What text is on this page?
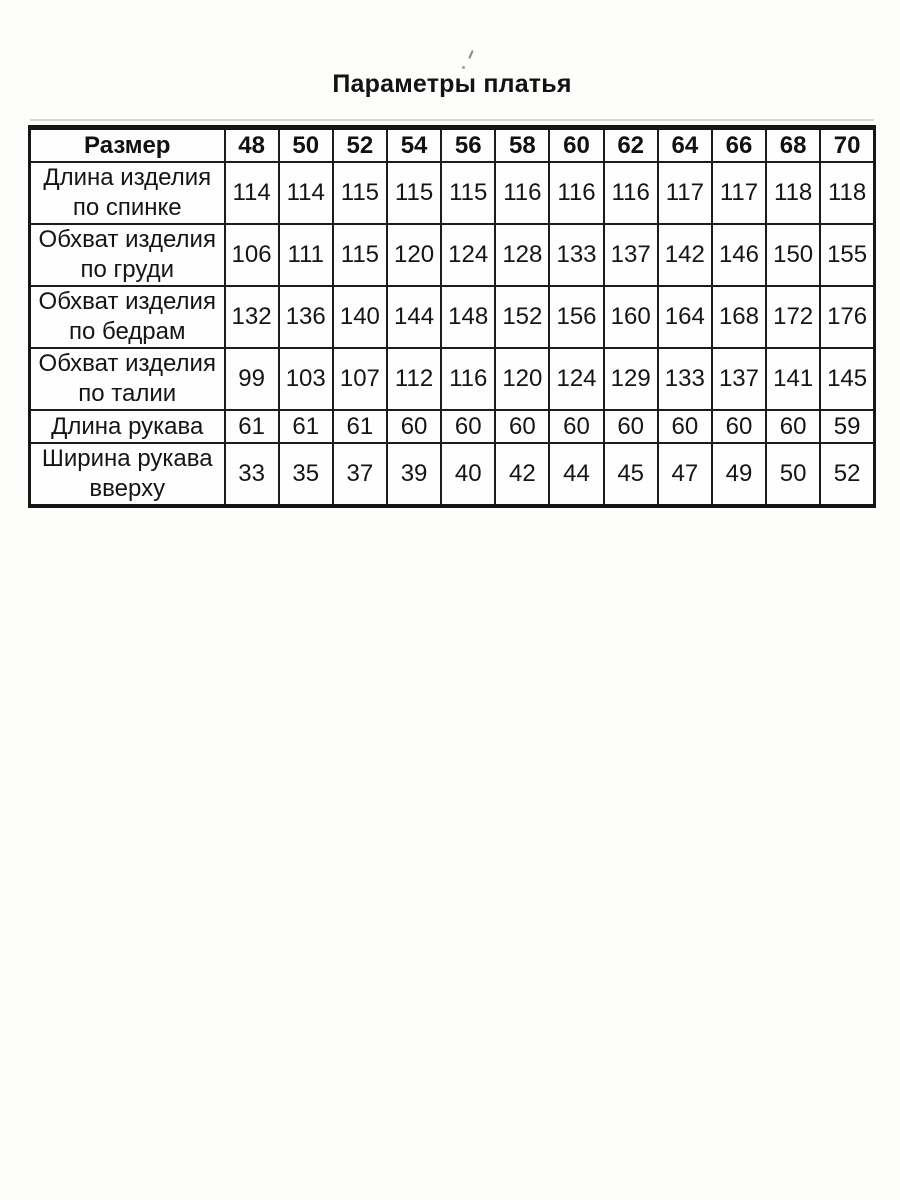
Параметры платья
Размер	48	50	52	54	56	58	60	62	64	66	68	70

Длина изделия
по спинке	114	114	115	115	115	116	116	116	117	117	118	118

Обхват изделия
по груди	106	111	115	120	124	128	133	137	142	146	150	155

Обхват изделия
по бедрам	132	136	140	144	148	152	156	160	164	168	172	176

Обхват изделия
по талии	99	103	107	112	116	120	124	129	133	137	141	145

Длина рукава	61	61	61	60	60	60	60	60	60	60	60	59

Ширина рукава
вверху	33	35	37	39	40	42	44	45	47	49	50	52
